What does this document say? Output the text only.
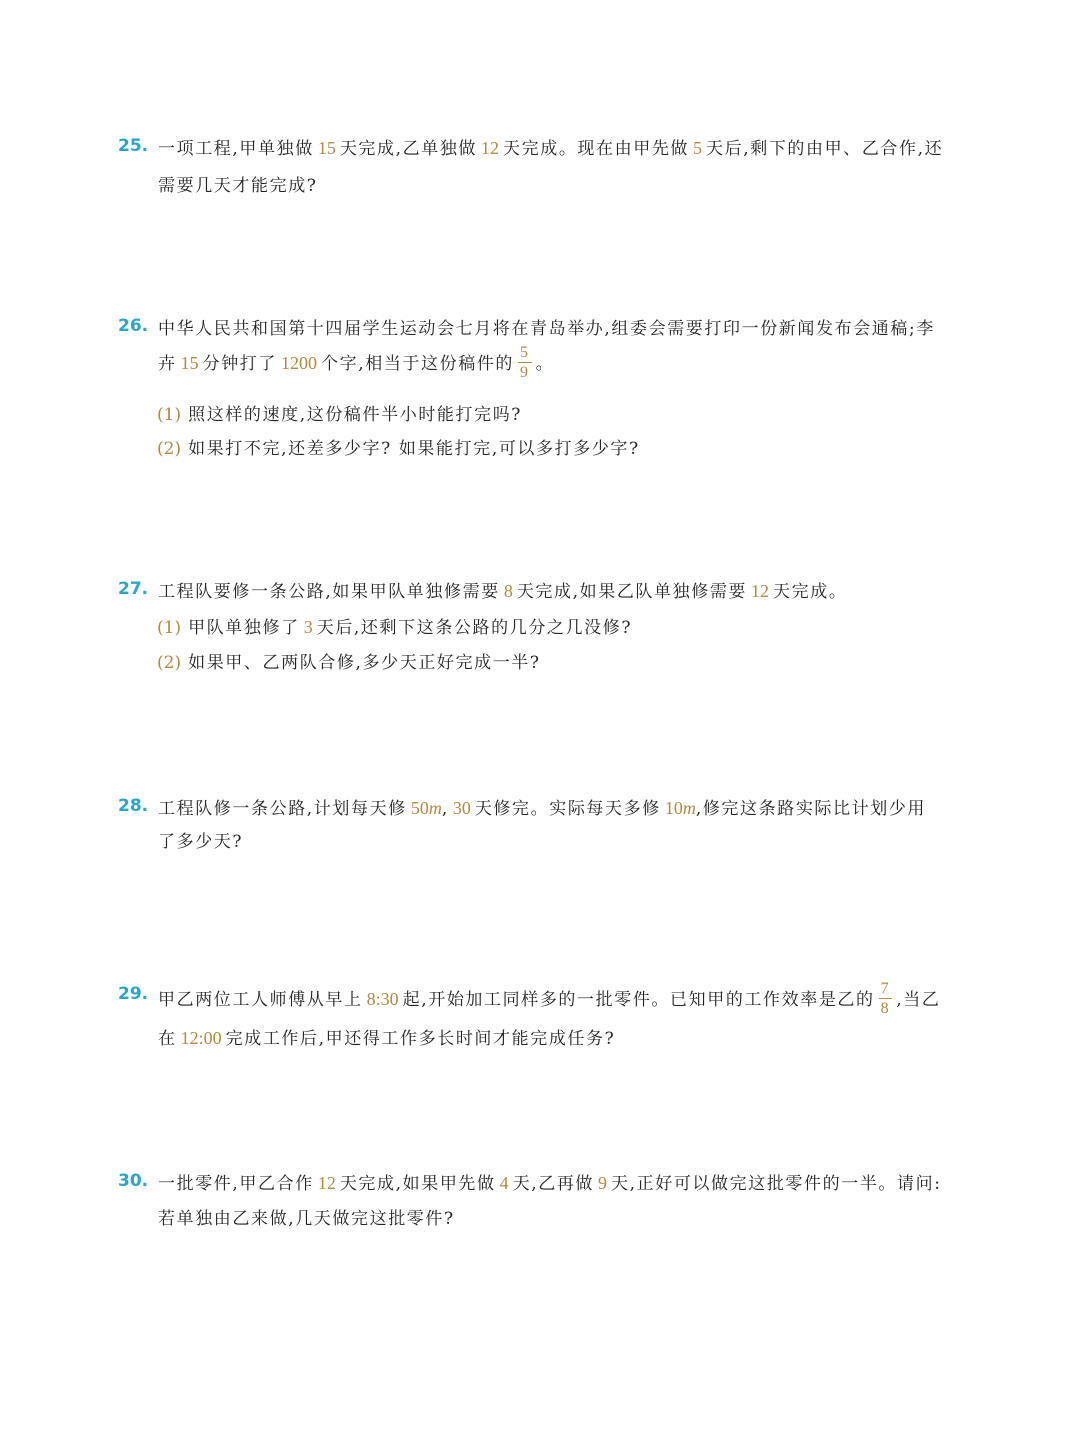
25. 一项工程,甲单独做 15 天完成,乙单独做 12 天完成。现在由甲先做 5 天后,剩下的由甲、乙合作,还
需要几天才能完成?
26. 中华人民共和国第十四届学生运动会七月将在青岛举办,组委会需要打印一份新闻发布会通稿;李
卉 15 分钟打了 1200 个字,相当于这份稿件的 $\frac{5}{9}$ 。
(1) 照这样的速度,这份稿件半小时能打完吗?
(2) 如果打不完,还差多少字? 如果能打完,可以多打多少字?
27. 工程队要修一条公路,如果甲队单独修需要 8 天完成,如果乙队单独修需要 12 天完成。
(1) 甲队单独修了 3 天后,还剩下这条公路的几分之几没修?
(2) 如果甲、乙两队合修,多少天正好完成一半?
28. 工程队修一条公路,计划每天修 50m, 30 天修完。实际每天多修 10m,修完这条路实际比计划少用
了多少天?
29. 甲乙两位工人师傅从早上 8:30 起,开始加工同样多的一批零件。已知甲的工作效率是乙的 $\frac{7}{8}$ ,当乙
在 12:00 完成工作后,甲还得工作多长时间才能完成任务?
30. 一批零件,甲乙合作 12 天完成,如果甲先做 4 天,乙再做 9 天,正好可以做完这批零件的一半。请问:
若单独由乙来做,几天做完这批零件?
